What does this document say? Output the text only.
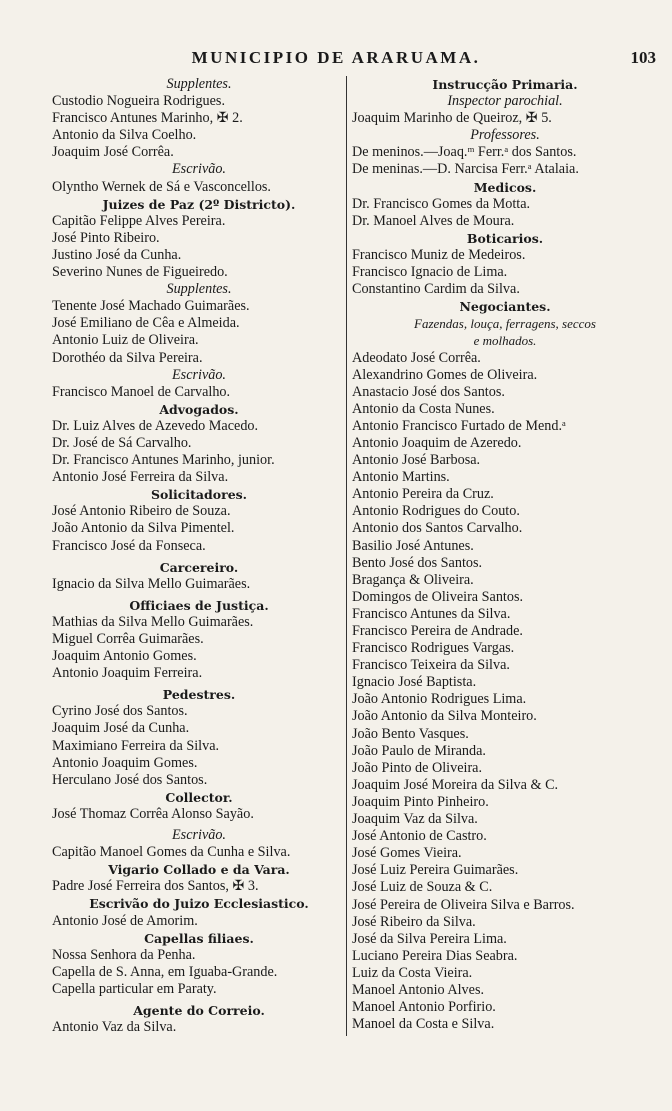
MUNICIPIO DE ARARUAMA.	103
Supplentes.
Custodio Nogueira Rodrigues.
Francisco Antunes Marinho, ✠ 2.
Antonio da Silva Coelho.
Joaquim José Corrêa.
Escrivão.
Olyntho Wernek de Sá e Vasconcellos.
Juizes de Paz (2º Districto).
Capitão Felippe Alves Pereira.
José Pinto Ribeiro.
Justino José da Cunha.
Severino Nunes de Figueiredo.
Supplentes.
Tenente José Machado Guimarães.
José Emiliano de Cêa e Almeida.
Antonio Luiz de Oliveira.
Dorothéo da Silva Pereira.
Escrivão.
Francisco Manoel de Carvalho.
Advogados.
Dr. Luiz Alves de Azevedo Macedo.
Dr. José de Sá Carvalho.
Dr. Francisco Antunes Marinho, junior.
Antonio José Ferreira da Silva.
Solicitadores.
José Antonio Ribeiro de Souza.
João Antonio da Silva Pimentel.
Francisco José da Fonseca.
Carcereiro.
Ignacio da Silva Mello Guimarães.
Officiaes de Justiça.
Mathias da Silva Mello Guimarães.
Miguel Corrêa Guimarães.
Joaquim Antonio Gomes.
Antonio Joaquim Ferreira.
Pedestres.
Cyrino José dos Santos.
Joaquim José da Cunha.
Maximiano Ferreira da Silva.
Antonio Joaquim Gomes.
Herculano José dos Santos.
Collector.
José Thomaz Corrêa Alonso Sayão.
Escrivão.
Capitão Manoel Gomes da Cunha e Silva.
Vigario Collado e da Vara.
Padre José Ferreira dos Santos, ✠ 3.
Escrivão do Juizo Ecclesiastico.
Antonio José de Amorim.
Capellas filiaes.
Nossa Senhora da Penha.
Capella de S. Anna, em Iguaba-Grande.
Capella particular em Paraty.
Agente do Correio.
Antonio Vaz da Silva.
Instrucção Primaria.
Inspector parochial.
Joaquim Marinho de Queiroz, ✠ 5.
Professores.
De meninos.—Joaq.ᵐ Ferr.ᵃ dos Santos.
De meninas.—D. Narcisa Ferr.ᵃ Atalaia.
Medicos.
Dr. Francisco Gomes da Motta.
Dr. Manoel Alves de Moura.
Boticarios.
Francisco Muniz de Medeiros.
Francisco Ignacio de Lima.
Constantino Cardim da Silva.
Negociantes.
Fazendas, louça, ferragens, seccos
e molhados.
Adeodato José Corrêa.
Alexandrino Gomes de Oliveira.
Anastacio José dos Santos.
Antonio da Costa Nunes.
Antonio Francisco Furtado de Mend.ᵃ
Antonio Joaquim de Azeredo.
Antonio José Barbosa.
Antonio Martins.
Antonio Pereira da Cruz.
Antonio Rodrigues do Couto.
Antonio dos Santos Carvalho.
Basilio José Antunes.
Bento José dos Santos.
Bragança & Oliveira.
Domingos de Oliveira Santos.
Francisco Antunes da Silva.
Francisco Pereira de Andrade.
Francisco Rodrigues Vargas.
Francisco Teixeira da Silva.
Ignacio José Baptista.
João Antonio Rodrigues Lima.
João Antonio da Silva Monteiro.
João Bento Vasques.
João Paulo de Miranda.
João Pinto de Oliveira.
Joaquim José Moreira da Silva & C.
Joaquim Pinto Pinheiro.
Joaquim Vaz da Silva.
José Antonio de Castro.
José Gomes Vieira.
José Luiz Pereira Guimarães.
José Luiz de Souza & C.
José Pereira de Oliveira Silva e Barros.
José Ribeiro da Silva.
José da Silva Pereira Lima.
Luciano Pereira Dias Seabra.
Luiz da Costa Vieira.
Manoel Antonio Alves.
Manoel Antonio Porfirio.
Manoel da Costa e Silva.
